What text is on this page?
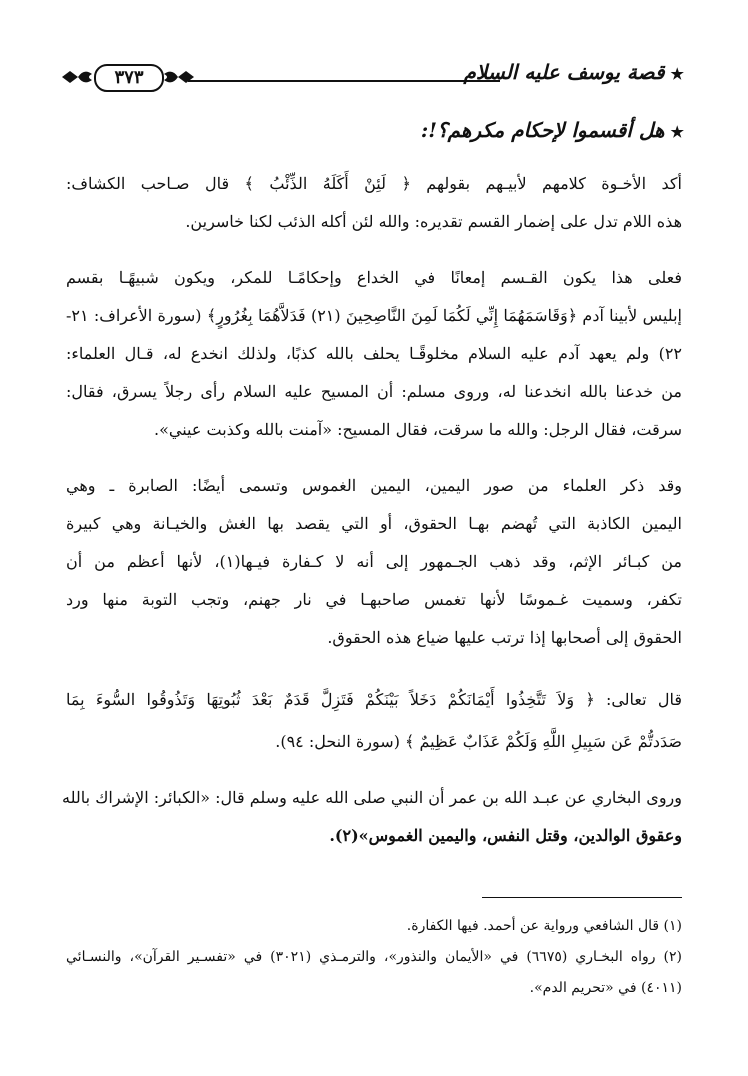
★قصة يوسف عليه السلام
٣٧٣
★هل أقسموا لإحكام مكرهم؟!:
أكد الأخـوة كلامهم لأبيـهم بقولهم ﴿ لَئِنْ أَكَلَهُ الذِّئْبُ ﴾ قال صـاحب الكشاف:
هذه اللام تدل على إضمار القسم تقديره: والله لئن أكله الذئب لكنا خاسرين.
فعلى هذا يكون القـسم إمعانًا في الخداع وإحكامًـا للمكر، ويكون شبيهًـا بقسم
إبليس لأبينا آدم ﴿وَقَاسَمَهُمَا إِنِّي لَكُمَا لَمِنَ النَّاصِحِينَ (٢١) فَدَلاَّهُمَا بِغُرُورٍ﴾ (سورة الأعراف: ٢١-
٢٢) ولم يعهد آدم عليه السلام مخلوقًـا يحلف بالله كذبًا، ولذلك انخدع له، قـال العلماء:
من خدعنا بالله انخدعنا له، وروى مسلم: أن المسيح عليه السلام رأى رجلاً يسرق، فقال:
سرقت، فقال الرجل: والله ما سرقت، فقال المسيح: «آمنت بالله وكذبت عيني».
وقد ذكر العلماء من صور اليمين، اليمين الغموس وتسمى أيضًا: الصابرة ـ وهي
اليمين الكاذبة التي تُهضم بهـا الحقوق، أو التي يقصد بها الغش والخيـانة وهي كبيرة
من كبـائر الإثم، وقد ذهب الجـمهور إلى أنه لا كـفارة فيـها(١)، لأنها أعظم من أن
تكفر، وسميت غـموسًا لأنها تغمس صاحبهـا في نار جهنم، وتجب التوبة منها ورد
الحقوق إلى أصحابها إذا ترتب عليها ضياع هذه الحقوق.
قال تعالى: ﴿ وَلاَ تَتَّخِذُوا أَيْمَانَكُمْ دَخَلاً بَيْنَكُمْ فَتَزِلَّ قَدَمٌ بَعْدَ ثُبُوتِهَا وَتَذُوقُوا السُّوءَ بِمَا
صَدَدتُّمْ عَن سَبِيلِ اللَّهِ وَلَكُمْ عَذَابٌ عَظِيمٌ ﴾ (سورة النحل: ٩٤).
وروى البخاري عن عبـد الله بن عمر أن النبي صلى الله عليه وسلم قال: «الكبائر: الإشراك بالله
وعقوق الوالدين، وقتل النفس، واليمين الغموس»(٢).
(١) قال الشافعي ورواية عن أحمد. فيها الكفارة.
(٢) رواه البخـاري (٦٦٧٥) في «الأيمان والنذور»، والترمـذي (٣٠٢١) في «تفسـير القرآن»، والنسـائي
(٤٠١١) في «تحريم الدم».
